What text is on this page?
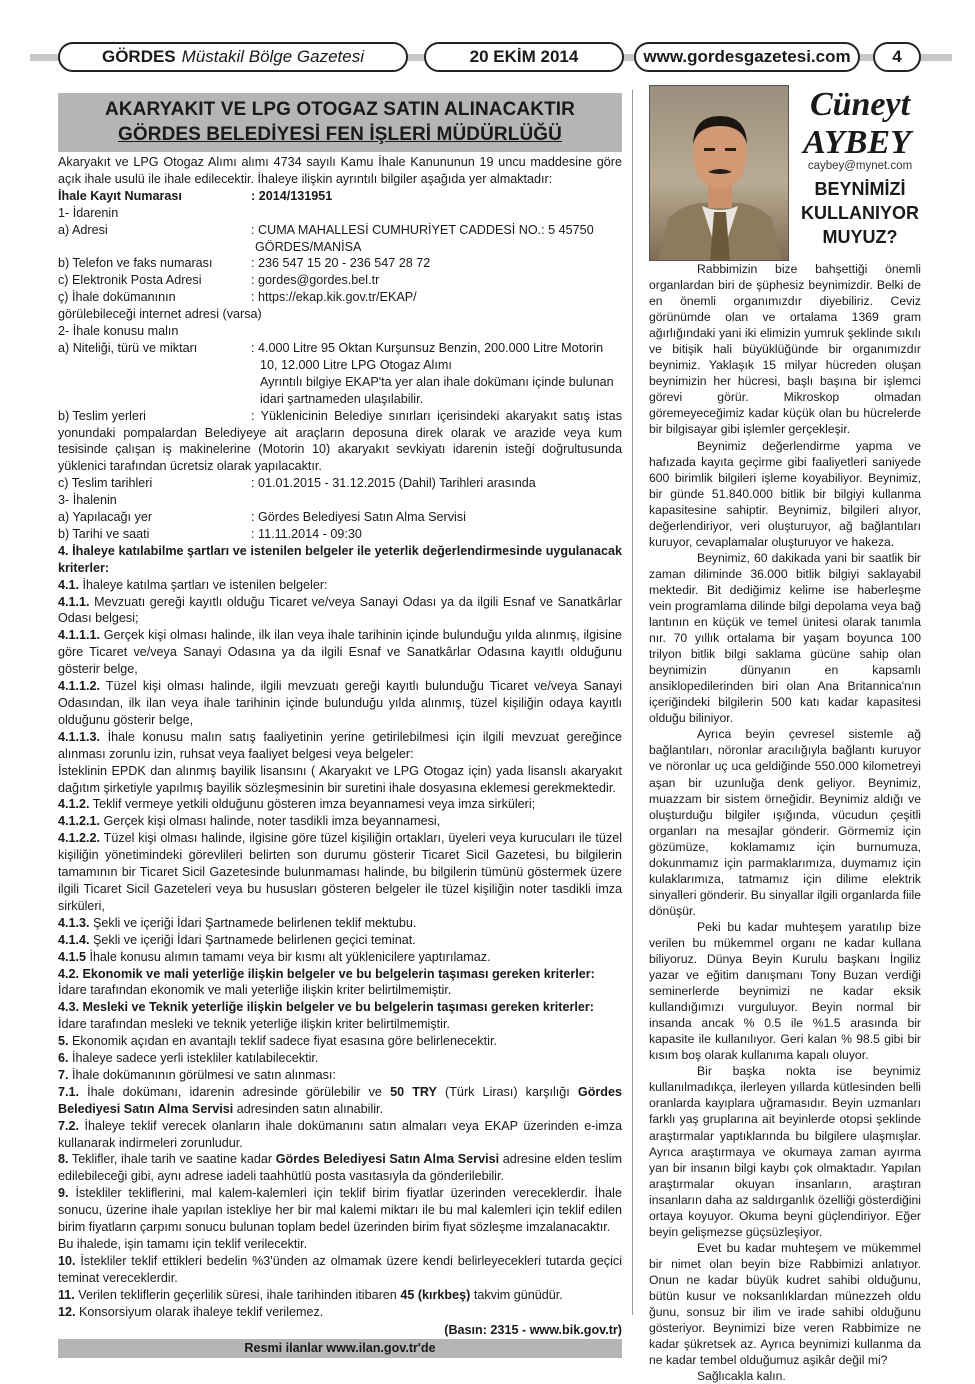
GÖRDES Müstakil Bölge Gazetesi	20 EKİM 2014	www.gordesgazetesi.com 4
AKARYAKIT VE LPG OTOGAZ SATIN ALINACAKTIR
GÖRDES BELEDİYESİ FEN İŞLERİ MÜDÜRLÜĞÜ

Akaryakıt ve LPG Otogaz Alımı alımı 4734 sayılı Kamu İhale Kanununun 19 uncu maddesine göre açık ihale usulü ile ihale edilecektir. İhaleye ilişkin ayrıntılı bilgiler aşağıda yer almaktadır:

İhale Kayıt Numarası	: 2014/131951

1- İdarenin

a) Adresi	: CUMA MAHALLESİ CUMHURİYET CADDESİ NO.: 5 45750

GÖRDES/MANİSA

b) Telefon ve faks numarası	: 236 547 15 20 - 236 547 28 72
c) Elektronik Posta Adresi	: gordes@gordes.bel.tr
ç) İhale dokümanının	: https://ekap.kik.gov.tr/EKAP/

görülebileceği internet adresi (varsa)

2- İhale konusu malın

a) Niteliği, türü ve miktarı	: 4.000 Litre 95 Oktan Kurşunsuz Benzin, 200.000 Litre Motorin

10, 12.000 Litre LPG Otogaz Alımı

Ayrıntılı bilgiye EKAP'ta yer alan ihale dokümanı içinde bulunan

idari şartnameden ulaşılabilir.

b) Teslim yerleri	: Yüklenicinin Belediye sınırları içerisindeki akaryakıt satış istas yonundaki pompalardan Belediyeye ait araçların deposuna direk olarak ve arazide veya kum tesisinde çalışan iş makinelerine (Motorin 10) akaryakıt sevkiyatı idarenin isteği doğrultusunda yüklenici tarafından ücretsiz olarak yapılacaktır.

c) Teslim tarihleri	: 01.01.2015 - 31.12.2015 (Dahil) Tarihleri arasında

3- İhalenin

a) Yapılacağı yer	: Gördes Belediyesi Satın Alma Servisi
b) Tarihi ve saati	: 11.11.2014 - 09:30

4. İhaleye katılabilme şartları ve istenilen belgeler ile yeterlik değerlendirmesinde uygulanacak kriterler:

4.1. İhaleye katılma şartları ve istenilen belgeler:

4.1.1. Mevzuatı gereği kayıtlı olduğu Ticaret ve/veya Sanayi Odası ya da ilgili Esnaf ve Sanatkârlar Odası belgesi;

4.1.1.1. Gerçek kişi olması halinde, ilk ilan veya ihale tarihinin içinde bulunduğu yılda alınmış, ilgisine göre Ticaret ve/veya Sanayi Odasına ya da ilgili Esnaf ve Sanatkârlar Odasına kayıtlı olduğunu gösterir belge,

4.1.1.2. Tüzel kişi olması halinde, ilgili mevzuatı gereği kayıtlı bulunduğu Ticaret ve/veya Sanayi Odasından, ilk ilan veya ihale tarihinin içinde bulunduğu yılda alınmış, tüzel kişiliğin odaya kayıtlı olduğunu gösterir belge,

4.1.1.3. İhale konusu malın satış faaliyetinin yerine getirilebilmesi için ilgili mevzuat gereğince alınması zorunlu izin, ruhsat veya faaliyet belgesi veya belgeler:

İsteklinin EPDK dan alınmış bayilik lisansını ( Akaryakıt ve LPG Otogaz için) yada lisanslı akaryakıt dağıtım şirketiyle yapılmış bayilik sözleşmesinin bir suretini ihale dosyasına eklemesi gerekmektedir.

4.1.2. Teklif vermeye yetkili olduğunu gösteren imza beyannamesi veya imza sirküleri;

4.1.2.1. Gerçek kişi olması halinde, noter tasdikli imza beyannamesi,

4.1.2.2. Tüzel kişi olması halinde, ilgisine göre tüzel kişiliğin ortakları, üyeleri veya kurucuları ile tüzel kişiliğin yönetimindeki görevlileri belirten son durumu gösterir Ticaret Sicil Gazetesi, bu bilgilerin tamamının bir Ticaret Sicil Gazetesinde bulunmaması halinde, bu bilgilerin tümünü göstermek üzere ilgili Ticaret Sicil Gazeteleri veya bu hususları gösteren belgeler ile tüzel kişiliğin noter tasdikli imza sirküleri,

4.1.3. Şekli ve içeriği İdari Şartnamede belirlenen teklif mektubu.

4.1.4. Şekli ve içeriği İdari Şartnamede belirlenen geçici teminat.

4.1.5 İhale konusu alımın tamamı veya bir kısmı alt yüklenicilere yaptırılamaz.

4.2. Ekonomik ve mali yeterliğe ilişkin belgeler ve bu belgelerin taşıması gereken kriterler:

İdare tarafından ekonomik ve mali yeterliğe ilişkin kriter belirtilmemiştir.

4.3. Mesleki ve Teknik yeterliğe ilişkin belgeler ve bu belgelerin taşıması gereken kriterler:

İdare tarafından mesleki ve teknik yeterliğe ilişkin kriter belirtilmemiştir.

5. Ekonomik açıdan en avantajlı teklif sadece fiyat esasına göre belirlenecektir.

6. İhaleye sadece yerli istekliler katılabilecektir.

7. İhale dokümanının görülmesi ve satın alınması:

7.1. İhale dokümanı, idarenin adresinde görülebilir ve 50 TRY (Türk Lirası) karşılığı Gördes Belediyesi Satın Alma Servisi adresinden satın alınabilir.

7.2. İhaleye teklif verecek olanların ihale dokümanını satın almaları veya EKAP üzerinden e-imza kullanarak indirmeleri zorunludur.

8. Teklifler, ihale tarih ve saatine kadar Gördes Belediyesi Satın Alma Servisi adresine elden teslim edilebileceği gibi, aynı adrese iadeli taahhütlü posta vasıtasıyla da gönderilebilir.

9. İstekliler tekliflerini, mal kalem-kalemleri için teklif birim fiyatlar üzerinden vereceklerdir. İhale sonucu, üzerine ihale yapılan istekliye her bir mal kalemi miktarı ile bu mal kalemleri için teklif edilen birim fiyatların çarpımı sonucu bulunan toplam bedel üzerinden birim fiyat sözleşme imzalanacaktır.

Bu ihalede, işin tamamı için teklif verilecektir.

10. İstekliler teklif ettikleri bedelin %3'ünden az olmamak üzere kendi belirleyecekleri tutarda geçici teminat vereceklerdir.

11. Verilen tekliflerin geçerlilik süresi, ihale tarihinden itibaren 45 (kırkbeş) takvim günüdür.

12. Konsorsiyum olarak ihaleye teklif verilemez.

(Basın: 2315 - www.bik.gov.tr)
Resmi ilanlar www.ilan.gov.tr'de
Cüneyt
AYBEY
caybey@mynet.com
BEYNİMİZİ
KULLANIYOR
MUYUZ?

Rabbimizin bize bahşettiği önemli organlardan biri de şüphesiz beynimizdir. Belki de en önemli organımızdır diyebiliriz. Ceviz görünümde olan ve ortalama 1369 gram ağırlığındaki yani iki elimizin yumruk şeklinde sıkılı ve bitişik hali büyüklüğünde bir organımızdır beynimiz. Yaklaşık 15 milyar hücreden oluşan beynimizin her hücresi, başlı başına bir işlemci görevi görür. Mikroskop olmadan göremeyeceğimiz kadar küçük olan bu hücrelerde bir bilgisayar gibi işlemler gerçekleşir.

Beynimiz değerlendirme yapma ve hafızada kayıta geçirme gibi faaliyetleri saniyede 600 birimlik bilgileri işleme koyabiliyor. Beynimiz, bir günde 51.840.000 bitlik bir bilgiyi kullanma kapasitesine sahiptir. Beynimiz, bilgileri alıyor, değerlendiriyor, veri oluşturuyor, ağ bağlantıları kuruyor, cevaplamalar oluşturuyor ve hakeza.

Beynimiz, 60 dakikada yani bir saatlik bir zaman diliminde 36.000 bitlik bilgiyi saklayabil mektedir. Bit dediğimiz kelime ise haberleşme vein programlama dilinde bilgi depolama veya bağ lantının en küçük ve temel ünitesi olarak tanımla nır. 70 yıllık ortalama bir yaşam boyunca 100 trilyon bitlik bilgi saklama gücüne sahip olan beynimizin dünyanın en kapsamlı ansiklopedilerinden biri olan Ana Britannica'nın içeriğindeki bilgilerin 500 katı kadar kapasitesi olduğu biliniyor.

Ayrıca beyin çevresel sistemle ağ bağlantıları, nöronlar aracılığıyla bağlantı kuruyor ve nöronlar uç uca geldiğinde 550.000 kilometreyi aşan bir uzunluğa denk geliyor. Beynimiz, muazzam bir sistem örneğidir. Beynimiz aldığı ve oluşturduğu bilgiler ışığında, vücudun çeşitli organları na mesajlar gönderir. Görmemiz için gözümüze, koklamamız için burnumuza, dokunmamız için parmaklarımıza, duymamız için kulaklarımıza, tatmamız için dilime elektrik sinyalleri gönderir. Bu sinyallar ilgili organlarda fiile dönüşür.

Peki bu kadar muhteşem yaratılıp bize verilen bu mükemmel organı ne kadar kullana biliyoruz. Dünya Beyin Kurulu başkanı İngiliz yazar ve eğitim danışmanı Tony Buzan verdiği seminerlerde beynimizi ne kadar eksik kullandığımızı vurguluyor. Beyin normal bir insanda ancak % 0.5 ile %1.5 arasında bir kapasite ile kullanılıyor. Geri kalan % 98.5 gibi bir kısım boş olarak kullanıma kapalı oluyor.

Bir başka nokta ise beynimiz kullanılmadıkça, ilerleyen yıllarda kütlesinden belli oranlarda kayıplara uğramasıdır. Beyin uzmanları farklı yaş gruplarına ait beyinlerde otopsi şeklinde araştırmalar yaptıklarında bu bilgilere ulaşmışlar. Ayrıca araştırmaya ve okumaya zaman ayırma yan bir insanın bilgi kaybı çok olmaktadır. Yapılan araştırmalar okuyan insanların, araştıran insanların daha az saldırganlık özelliği gösterdiğini ortaya koyuyor. Okuma beyni güçlendiriyor. Eğer beyin gelişmezse güçsüzleşiyor.

Evet bu kadar muhteşem ve mükemmel bir nimet olan beyin bize Rabbimizi anlatıyor. Onun ne kadar büyük kudret sahibi olduğunu, bütün kusur ve noksanlıklardan münezzeh oldu ğunu, sonsuz bir ilim ve irade sahibi olduğunu gösteriyor. Beynimizi bize veren Rabbimize ne kadar şükretsek az. Ayrıca beynimizi kullanma da ne kadar tembel olduğumuz aşikâr değil mi?

Sağlıcakla kalın.
